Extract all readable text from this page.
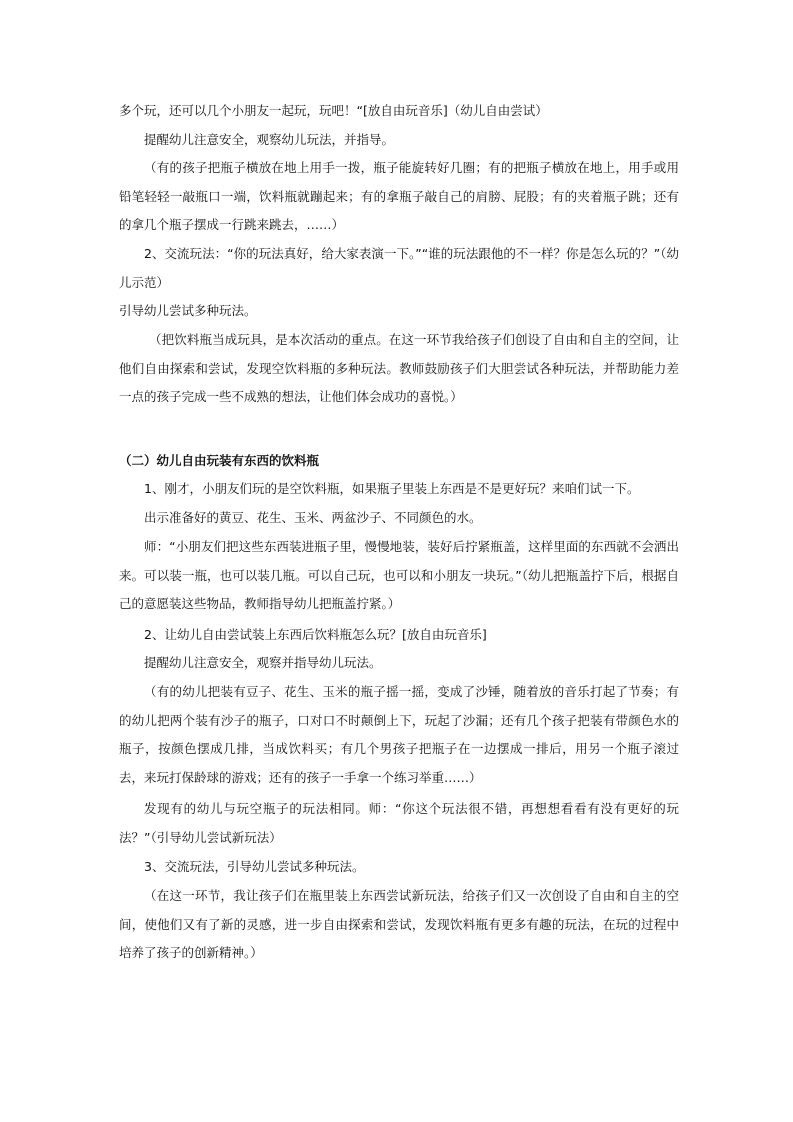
多个玩，还可以几个小朋友一起玩，玩吧！“[放自由玩音乐]（幼儿自由尝试）

提醒幼儿注意安全，观察幼儿玩法，并指导。

（有的孩子把瓶子横放在地上用手一拨，瓶子能旋转好几圈；有的把瓶子横放在地上，用手或用铅笔轻轻一敲瓶口一端，饮料瓶就蹦起来；有的拿瓶子敲自己的肩膀、屁股；有的夹着瓶子跳；还有的拿几个瓶子摆成一行跳来跳去，……）

2、交流玩法：“你的玩法真好，给大家表演一下。”“谁的玩法跟他的不一样？你是怎么玩的？”（幼儿示范）

引导幼儿尝试多种玩法。

（把饮料瓶当成玩具，是本次活动的重点。在这一环节我给孩子们创设了自由和自主的空间，让他们自由探索和尝试，发现空饮料瓶的多种玩法。教师鼓励孩子们大胆尝试各种玩法，并帮助能力差一点的孩子完成一些不成熟的想法，让他们体会成功的喜悦。）

（二）幼儿自由玩装有东西的饮料瓶

1、刚才，小朋友们玩的是空饮料瓶，如果瓶子里装上东西是不是更好玩？来咱们试一下。

出示准备好的黄豆、花生、玉米、两盆沙子、不同颜色的水。

师：“小朋友们把这些东西装进瓶子里，慢慢地装，装好后拧紧瓶盖，这样里面的东西就不会洒出来。可以装一瓶，也可以装几瓶。可以自己玩，也可以和小朋友一块玩。”（幼儿把瓶盖拧下后，根据自己的意愿装这些物品，教师指导幼儿把瓶盖拧紧。）

2、让幼儿自由尝试装上东西后饮料瓶怎么玩？[放自由玩音乐]

提醒幼儿注意安全，观察并指导幼儿玩法。

（有的幼儿把装有豆子、花生、玉米的瓶子摇一摇，变成了沙锤，随着放的音乐打起了节奏；有的幼儿把两个装有沙子的瓶子，口对口不时颠倒上下，玩起了沙漏；还有几个孩子把装有带颜色水的瓶子，按颜色摆成几排，当成饮料买；有几个男孩子把瓶子在一边摆成一排后，用另一个瓶子滚过去，来玩打保龄球的游戏；还有的孩子一手拿一个练习举重……）

发现有的幼儿与玩空瓶子的玩法相同。师：“你这个玩法很不错，再想想看看有没有更好的玩法？”（引导幼儿尝试新玩法）

3、交流玩法，引导幼儿尝试多种玩法。

（在这一环节，我让孩子们在瓶里装上东西尝试新玩法，给孩子们又一次创设了自由和自主的空间，使他们又有了新的灵感，进一步自由探索和尝试，发现饮料瓶有更多有趣的玩法，在玩的过程中培养了孩子的创新精神。）
